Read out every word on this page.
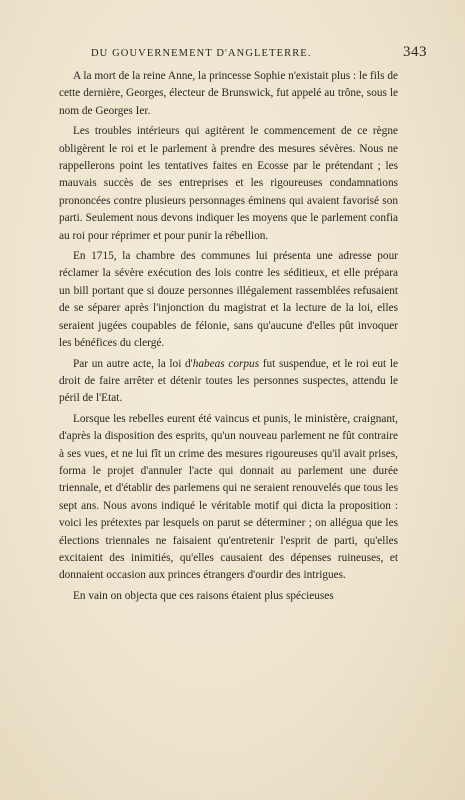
DU GOUVERNEMENT D'ANGLETERRE.	343

A la mort de la reine Anne, la princesse Sophie n'existait plus : le fils de cette dernière, Georges, électeur de Brunswick, fut appelé au trône, sous le nom de Georges Ier.

Les troubles intérieurs qui agitèrent le commencement de ce règne obligèrent le roi et le parlement à prendre des mesures sévères. Nous ne rappellerons point les tentatives faites en Ecosse par le prétendant ; les mauvais succès de ses entreprises et les rigoureuses condamnations prononcées contre plusieurs personnages éminens qui avaient favorisé son parti. Seulement nous devons indiquer les moyens que le parlement confia au roi pour réprimer et pour punir la rébellion.

En 1715, la chambre des communes lui présenta une adresse pour réclamer la sévère exécution des lois contre les séditieux, et elle prépara un bill portant que si douze personnes illégalement rassemblées refusaient de se séparer après l'injonction du magistrat et la lecture de la loi, elles seraient jugées coupables de félonie, sans qu'aucune d'elles pût invoquer les bénéfices du clergé.

Par un autre acte, la loi d'habeas corpus fut suspendue, et le roi eut le droit de faire arrêter et détenir toutes les personnes suspectes, attendu le péril de l'Etat.

Lorsque les rebelles eurent été vaincus et punis, le ministère, craignant, d'après la disposition des esprits, qu'un nouveau parlement ne fût contraire à ses vues, et ne lui fît un crime des mesures rigoureuses qu'il avait prises, forma le projet d'annuler l'acte qui donnait au parlement une durée triennale, et d'établir des parlemens qui ne seraient renouvelés que tous les sept ans. Nous avons indiqué le véritable motif qui dicta la proposition : voici les prétextes par lesquels on parut se déterminer ; on allégua que les élections triennales ne faisaient qu'entretenir l'esprit de parti, qu'elles excitaient des inimitiés, qu'elles causaient des dépenses ruineuses, et donnaient occasion aux princes étrangers d'ourdir des intrigues.

En vain on objecta que ces raisons étaient plus spécieuses
